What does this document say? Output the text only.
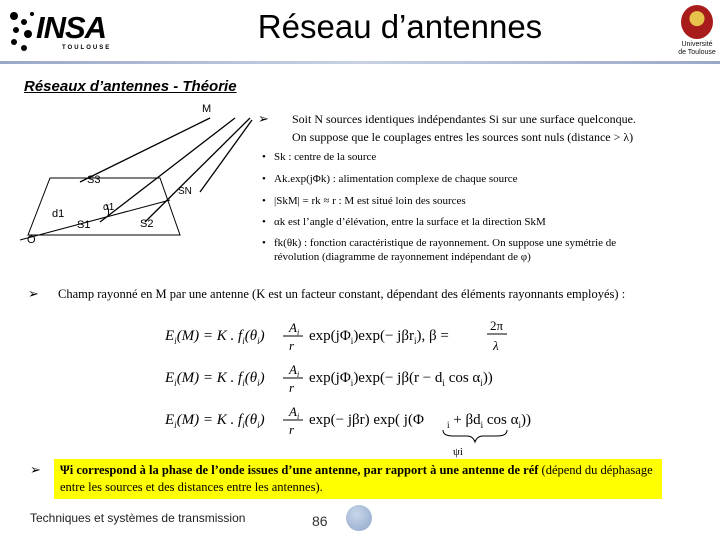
INSA
TOULOUSE
Réseau d’antennes	Université
de Toulouse
Réseaux d’antennes - Théorie
M
S3
SN
d1
α1
S1	S2
O
➢ Soit N sources identiques indépendantes Si sur une surface quelconque.
On suppose que le couplages entres les sources sont nuls (distance > λ)
• Sk : centre de la source
• Ak.exp(jΦk) : alimentation complexe de chaque source
• |SkM| = rk ≈ r : M est situé loin des sources
• αk est l’angle d’élévation, entre la surface et la direction SkM
• fk(θk) : fonction caractéristique de rayonnement. On suppose une symétrie de
révolution (diagramme de rayonnement indépendant de φ)
➢ Champ rayonné en M par une antenne (K est un facteur constant, dépendant des éléments rayonnants employés) :
$E_i(M) = K$ . $f_i(\theta_i)$
$A_i$
r
$\exp(j\Phi_i)\exp(- j\beta r_i)$, β =
2π
λ
$E_i(M) = K$ . $f_i(\theta_i)$
$A_i$
r
$\exp(j\Phi_i)\exp(- j\beta(r - d_i$ $\cos \alpha_i$))
$E_i(M) = K$ . $f_i(\theta_i)$
$A_i$
r
exp(− jβr) exp( j(Φ	$_i + \beta d_i$ $\cos \alpha_i$))
ψi
➢ Ψi correspond à la phase de l’onde issues d’une antenne, par rapport à une antenne de réf (dépend du déphasage entre les sources et des distances entre les antennes).
Techniques et systèmes de transmission	86
